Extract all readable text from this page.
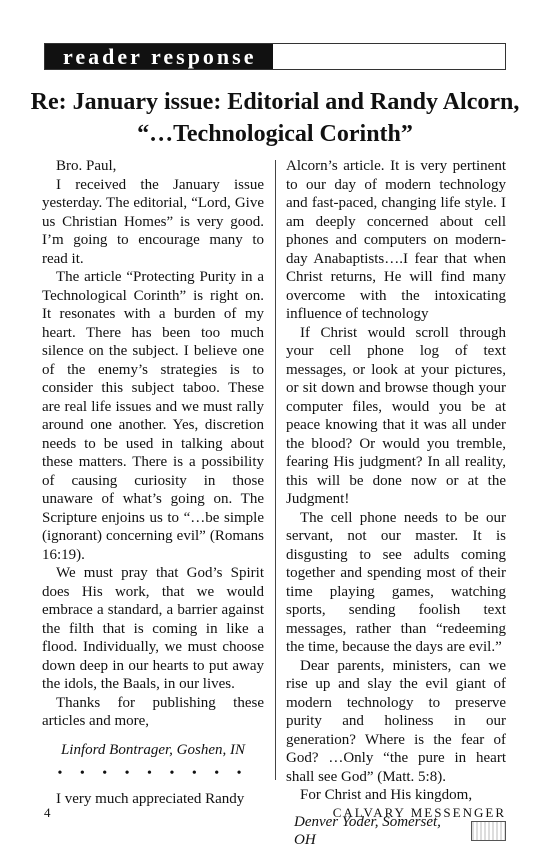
reader response
Re: January issue: Editorial and Randy Alcorn,
“…Technological Corinth”

Bro. Paul,

I received the January issue yesterday. The editorial, “Lord, Give us Christian Homes” is very good. I’m going to encourage many to read it.

The article “Protecting Purity in a Technological Corinth” is right on. It resonates with a burden of my heart. There has been too much silence on the subject. I believe one of the enemy’s strategies is to consider this subject taboo. These are real life issues and we must rally around one another. Yes, discretion needs to be used in talking about these matters. There is a possibility of causing curiosity in those unaware of what’s going on. The Scripture enjoins us to “…be simple (ignorant) concerning evil” (Romans 16:19).

We must pray that God’s Spirit does His work, that we would embrace a standard, a barrier against the filth that is coming in like a flood. Individually, we must choose down deep in our hearts to put away the idols, the Baals, in our lives.

Thanks for publishing these articles and more,

Linford Bontrager, Goshen, IN
• • • • • • • • •

I very much appreciated Randy

Alcorn’s article. It is very pertinent to our day of modern technology and fast-paced, changing life style. I am deeply concerned about cell phones and computers on modern-day Anabaptists….I fear that when Christ returns, He will find many overcome with the intoxicating influence of technology

If Christ would scroll through your cell phone log of text messages, or look at your pictures, or sit down and browse though your computer files, would you be at peace knowing that it was all under the blood? Or would you tremble, fearing His judgment? In all reality, this will be done now or at the Judgment!

The cell phone needs to be our servant, not our master. It is disgusting to see adults coming together and spending most of their time playing games, watching sports, sending foolish text messages, rather than “redeeming the time, because the days are evil.”

Dear parents, ministers, can we rise up and slay the evil giant of modern technology to preserve purity and holiness in our generation? Where is the fear of God? …Only “the pure in heart shall see God” (Matt. 5:8).

For Christ and His kingdom,

Denver Yoder, Somerset, OH
4	CALVARY MESSENGER
